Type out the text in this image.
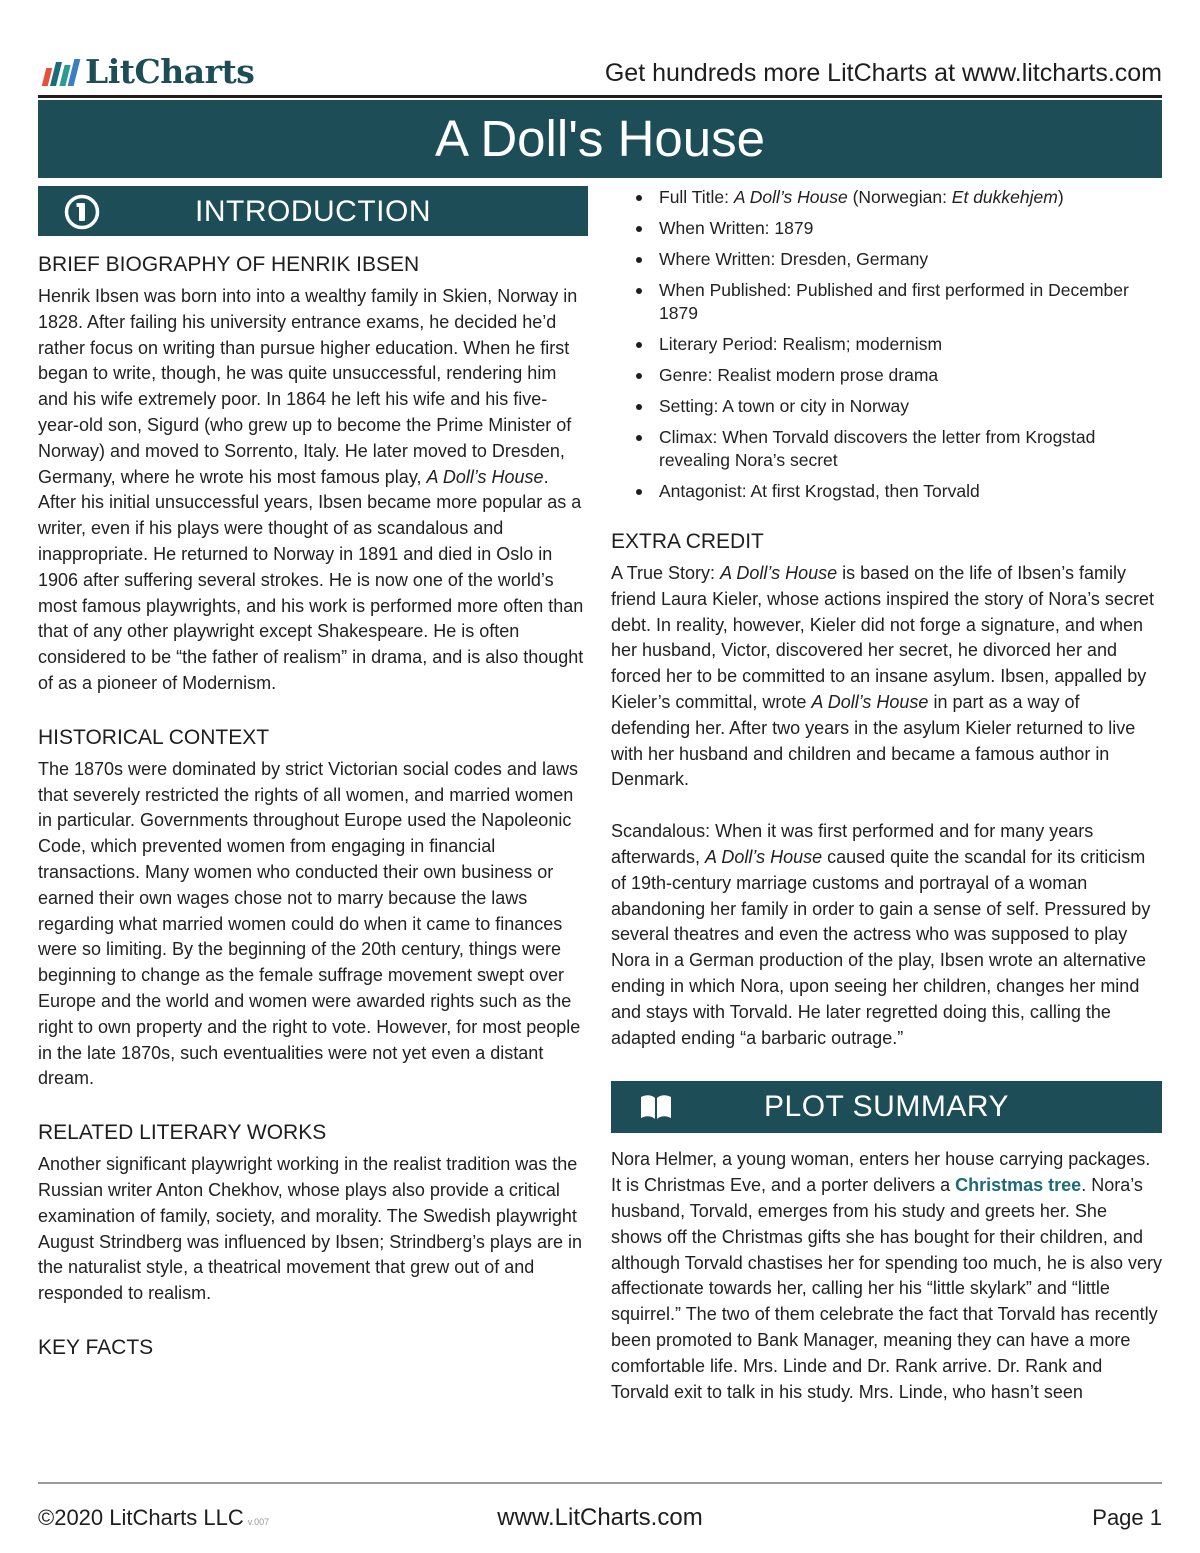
LitCharts	Get hundreds more LitCharts at www.litcharts.com
A Doll's House
INTRODUCTION
BRIEF BIOGRAPHY OF HENRIK IBSEN

Henrik Ibsen was born into into a wealthy family in Skien, Norway in 1828. After failing his university entrance exams, he decided he’d rather focus on writing than pursue higher education. When he first began to write, though, he was quite unsuccessful, rendering him and his wife extremely poor. In 1864 he left his wife and his five-year-old son, Sigurd (who grew up to become the Prime Minister of Norway) and moved to Sorrento, Italy. He later moved to Dresden, Germany, where he wrote his most famous play, A Doll’s House. After his initial unsuccessful years, Ibsen became more popular as a writer, even if his plays were thought of as scandalous and inappropriate. He returned to Norway in 1891 and died in Oslo in 1906 after suffering several strokes. He is now one of the world’s most famous playwrights, and his work is performed more often than that of any other playwright except Shakespeare. He is often considered to be “the father of realism” in drama, and is also thought of as a pioneer of Modernism.

HISTORICAL CONTEXT

The 1870s were dominated by strict Victorian social codes and laws that severely restricted the rights of all women, and married women in particular. Governments throughout Europe used the Napoleonic Code, which prevented women from engaging in financial transactions. Many women who conducted their own business or earned their own wages chose not to marry because the laws regarding what married women could do when it came to finances were so limiting. By the beginning of the 20th century, things were beginning to change as the female suffrage movement swept over Europe and the world and women were awarded rights such as the right to own property and the right to vote. However, for most people in the late 1870s, such eventualities were not yet even a distant dream.

RELATED LITERARY WORKS

Another significant playwright working in the realist tradition was the Russian writer Anton Chekhov, whose plays also provide a critical examination of family, society, and morality. The Swedish playwright August Strindberg was influenced by Ibsen; Strindberg’s plays are in the naturalist style, a theatrical movement that grew out of and responded to realism.

KEY FACTS
Full Title: A Doll’s House (Norwegian: Et dukkehjem)
When Written: 1879
Where Written: Dresden, Germany
When Published: Published and first performed in December 1879
Literary Period: Realism; modernism
Genre: Realist modern prose drama
Setting: A town or city in Norway
Climax: When Torvald discovers the letter from Krogstad revealing Nora’s secret
Antagonist: At first Krogstad, then Torvald
EXTRA CREDIT

A True Story: A Doll’s House is based on the life of Ibsen’s family friend Laura Kieler, whose actions inspired the story of Nora’s secret debt. In reality, however, Kieler did not forge a signature, and when her husband, Victor, discovered her secret, he divorced her and forced her to be committed to an insane asylum. Ibsen, appalled by Kieler’s committal, wrote A Doll’s House in part as a way of defending her. After two years in the asylum Kieler returned to live with her husband and children and became a famous author in Denmark.

Scandalous: When it was first performed and for many years afterwards, A Doll’s House caused quite the scandal for its criticism of 19th-century marriage customs and portrayal of a woman abandoning her family in order to gain a sense of self. Pressured by several theatres and even the actress who was supposed to play Nora in a German production of the play, Ibsen wrote an alternative ending in which Nora, upon seeing her children, changes her mind and stays with Torvald. He later regretted doing this, calling the adapted ending “a barbaric outrage.”

PLOT SUMMARY

Nora Helmer, a young woman, enters her house carrying packages. It is Christmas Eve, and a porter delivers a Christmas tree. Nora’s husband, Torvald, emerges from his study and greets her. She shows off the Christmas gifts she has bought for their children, and although Torvald chastises her for spending too much, he is also very affectionate towards her, calling her his “little skylark” and “little squirrel.” The two of them celebrate the fact that Torvald has recently been promoted to Bank Manager, meaning they can have a more comfortable life. Mrs. Linde and Dr. Rank arrive. Dr. Rank and Torvald exit to talk in his study. Mrs. Linde, who hasn’t seen

©2020 LitCharts LLC v.007	www.LitCharts.com	Page 1
